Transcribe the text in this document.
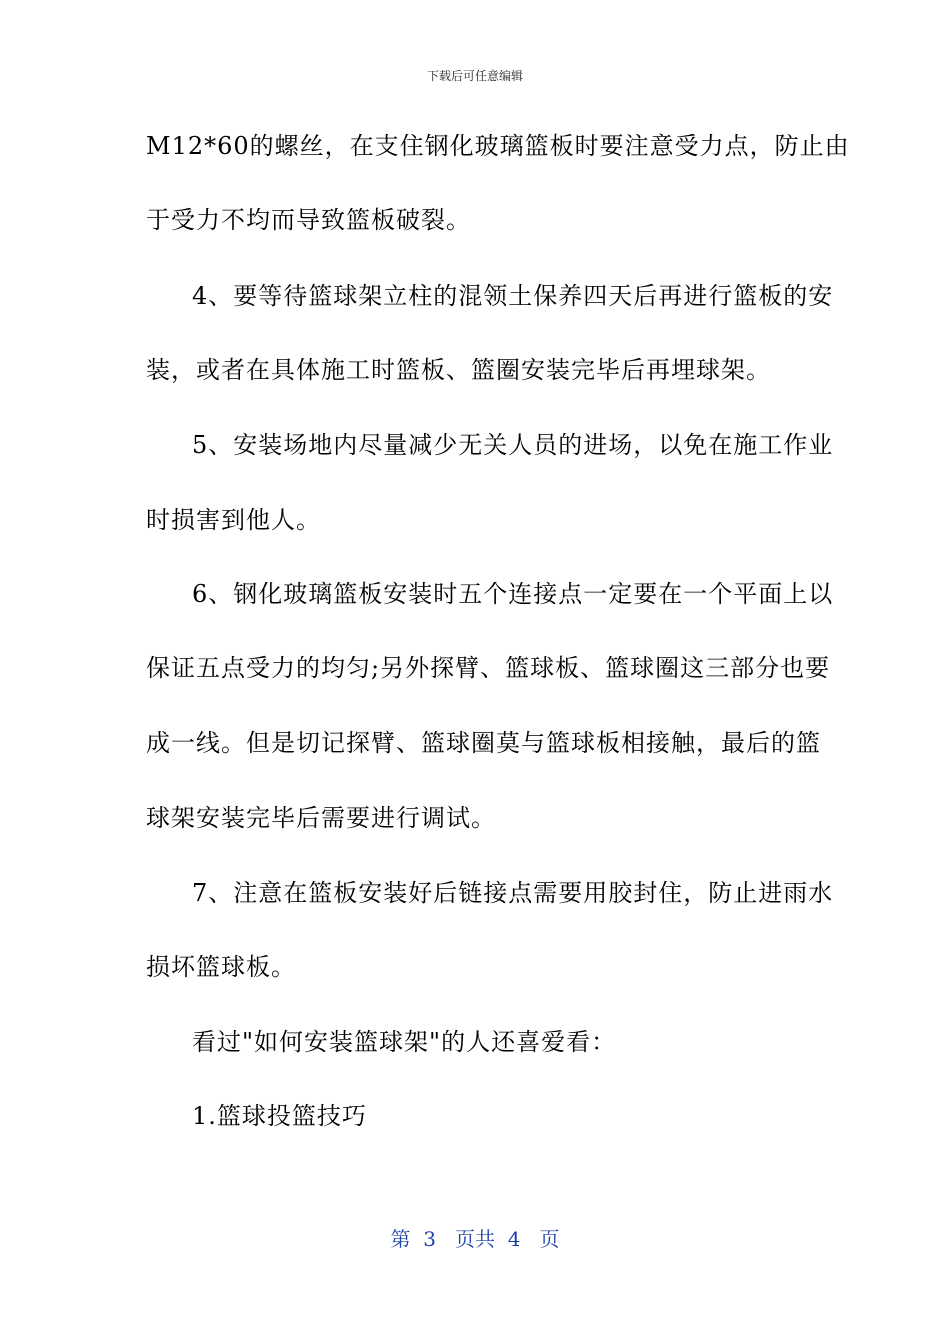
下载后可任意编辑
M12*60的螺丝，在支住钢化玻璃篮板时要注意受力点，防止由
于受力不均而导致篮板破裂。
4、要等待篮球架立柱的混领土保养四天后再进行篮板的安
装，或者在具体施工时篮板、篮圈安装完毕后再埋球架。
5、安装场地内尽量减少无关人员的进场，以免在施工作业
时损害到他人。
6、钢化玻璃篮板安装时五个连接点一定要在一个平面上以
保证五点受力的均匀;另外探臂、篮球板、篮球圈这三部分也要
成一线。但是切记探臂、篮球圈莫与篮球板相接触，最后的篮
球架安装完毕后需要进行调试。
7、注意在篮板安装好后链接点需要用胶封住，防止进雨水
损坏篮球板。
看过"如何安装篮球架"的人还喜爱看：
1.篮球投篮技巧
第  3   页共  4   页
